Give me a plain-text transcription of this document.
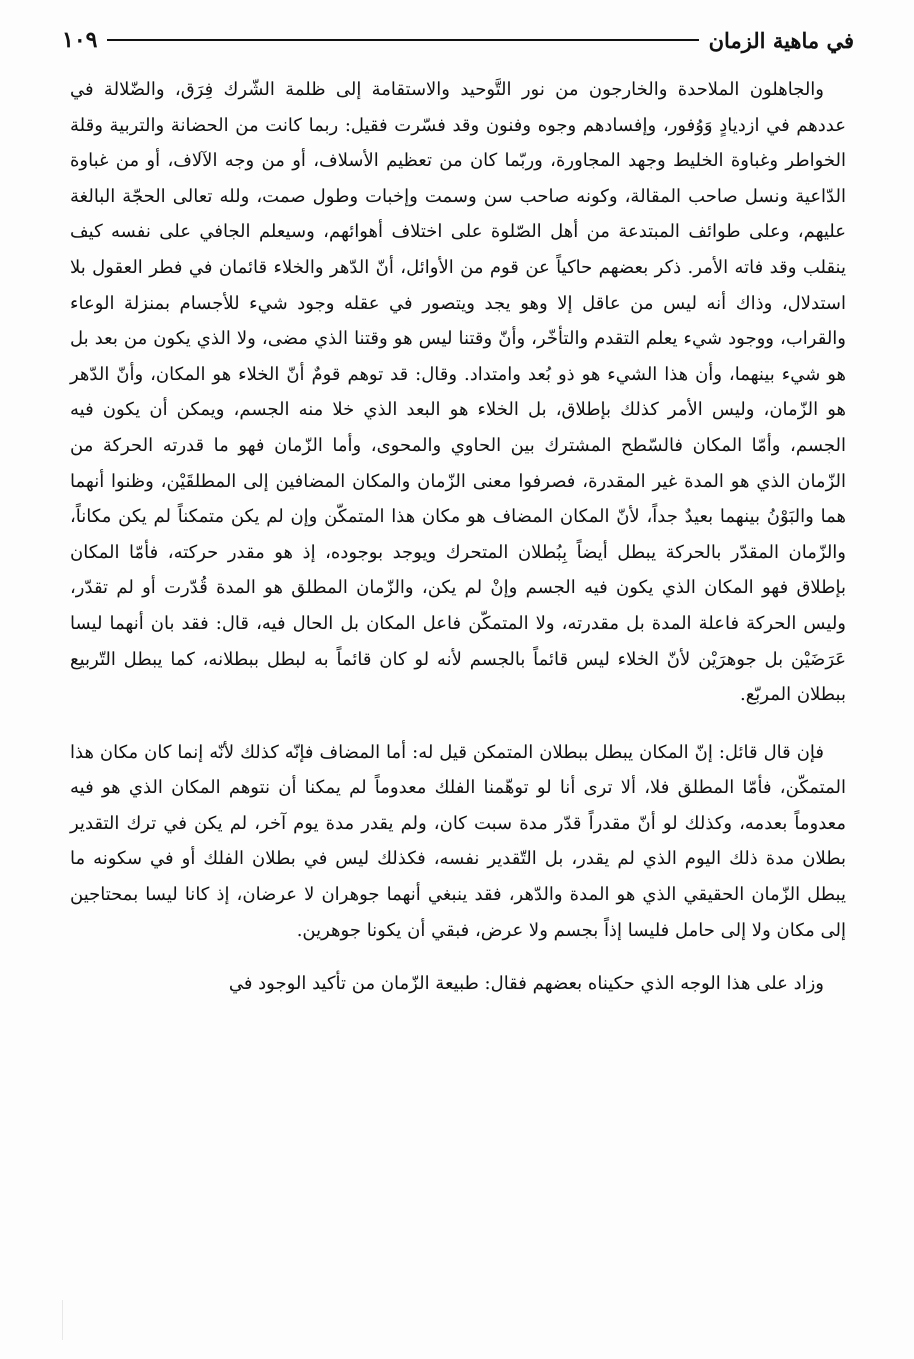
في ماهية الزمان
١٠٩

والجاهلون الملاحدة والخارجون من نور التَّوحيد والاستقامة إلى ظلمة الشّرك فِرَق، والضّلالة في عددهم في ازديادٍ وَوُفور، وإفسادهم وجوه وفنون وقد فسّرت فقيل: ربما كانت من الحضانة والتربية وقلة الخواطر وغباوة الخليط وجهد المجاورة، وربّما كان من تعظيم الأسلاف، أو من وجه الآلاف، أو من غباوة الدّاعية ونسل صاحب المقالة، وكونه صاحب سن وسمت وإخبات وطول صمت، ولله تعالى الحجّة البالغة عليهم، وعلى طوائف المبتدعة من أهل الصّلوة على اختلاف أهوائهم، وسيعلم الجافي على نفسه كيف ينقلب وقد فاته الأمر. ذكر بعضهم حاكياً عن قوم من الأوائل، أنّ الدّهر والخلاء قائمان في فطر العقول بلا استدلال، وذاك أنه ليس من عاقل إلا وهو يجد ويتصور في عقله وجود شيء للأجسام بمنزلة الوعاء والقراب، ووجود شيء يعلم التقدم والتأخّر، وأنّ وقتنا ليس هو وقتنا الذي مضى، ولا الذي يكون من بعد بل هو شيء بينهما، وأن هذا الشيء هو ذو بُعد وامتداد. وقال: قد توهم قومٌ أنّ الخلاء هو المكان، وأنّ الدّهر هو الزّمان، وليس الأمر كذلك بإطلاق، بل الخلاء هو البعد الذي خلا منه الجسم، ويمكن أن يكون فيه الجسم، وأمّا المكان فالسّطح المشترك بين الحاوي والمحوى، وأما الزّمان فهو ما قدرته الحركة من الزّمان الذي هو المدة غير المقدرة، فصرفوا معنى الزّمان والمكان المضافين إلى المطلقَيْن، وظنوا أنهما هما والبَوْنُ بينهما بعيدٌ جداً، لأنّ المكان المضاف هو مكان هذا المتمكّن وإن لم يكن متمكناً لم يكن مكاناً، والزّمان المقدّر بالحركة يبطل أيضاً بِبُطلان المتحرك ويوجد بوجوده، إذ هو مقدر حركته، فأمّا المكان بإطلاق فهو المكان الذي يكون فيه الجسم وإنْ لم يكن، والزّمان المطلق هو المدة قُدّرت أو لم تقدّر، وليس الحركة فاعلة المدة بل مقدرته، ولا المتمكّن فاعل المكان بل الحال فيه، قال: فقد بان أنهما ليسا عَرَضَيْن بل جوهرَيْن لأنّ الخلاء ليس قائماً بالجسم لأنه لو كان قائماً به لبطل ببطلانه، كما يبطل التّربيع ببطلان المربّع.

فإن قال قائل: إنّ المكان يبطل ببطلان المتمكن قيل له: أما المضاف فإنّه كذلك لأنّه إنما كان مكان هذا المتمكّن، فأمّا المطلق فلا، ألا ترى أنا لو توهّمنا الفلك معدوماً لم يمكنا أن نتوهم المكان الذي هو فيه معدوماً بعدمه، وكذلك لو أنّ مقدراً قدّر مدة سبت كان، ولم يقدر مدة يوم آخر، لم يكن في ترك التقدير بطلان مدة ذلك اليوم الذي لم يقدر، بل التّقدير نفسه، فكذلك ليس في بطلان الفلك أو في سكونه ما يبطل الزّمان الحقيقي الذي هو المدة والدّهر، فقد ينبغي أنهما جوهران لا عرضان، إذ كانا ليسا بمحتاجين إلى مكان ولا إلى حامل فليسا إذاً بجسم ولا عرض، فبقي أن يكونا جوهرين.

وزاد على هذا الوجه الذي حكيناه بعضهم فقال: طبيعة الزّمان من تأكيد الوجود في
